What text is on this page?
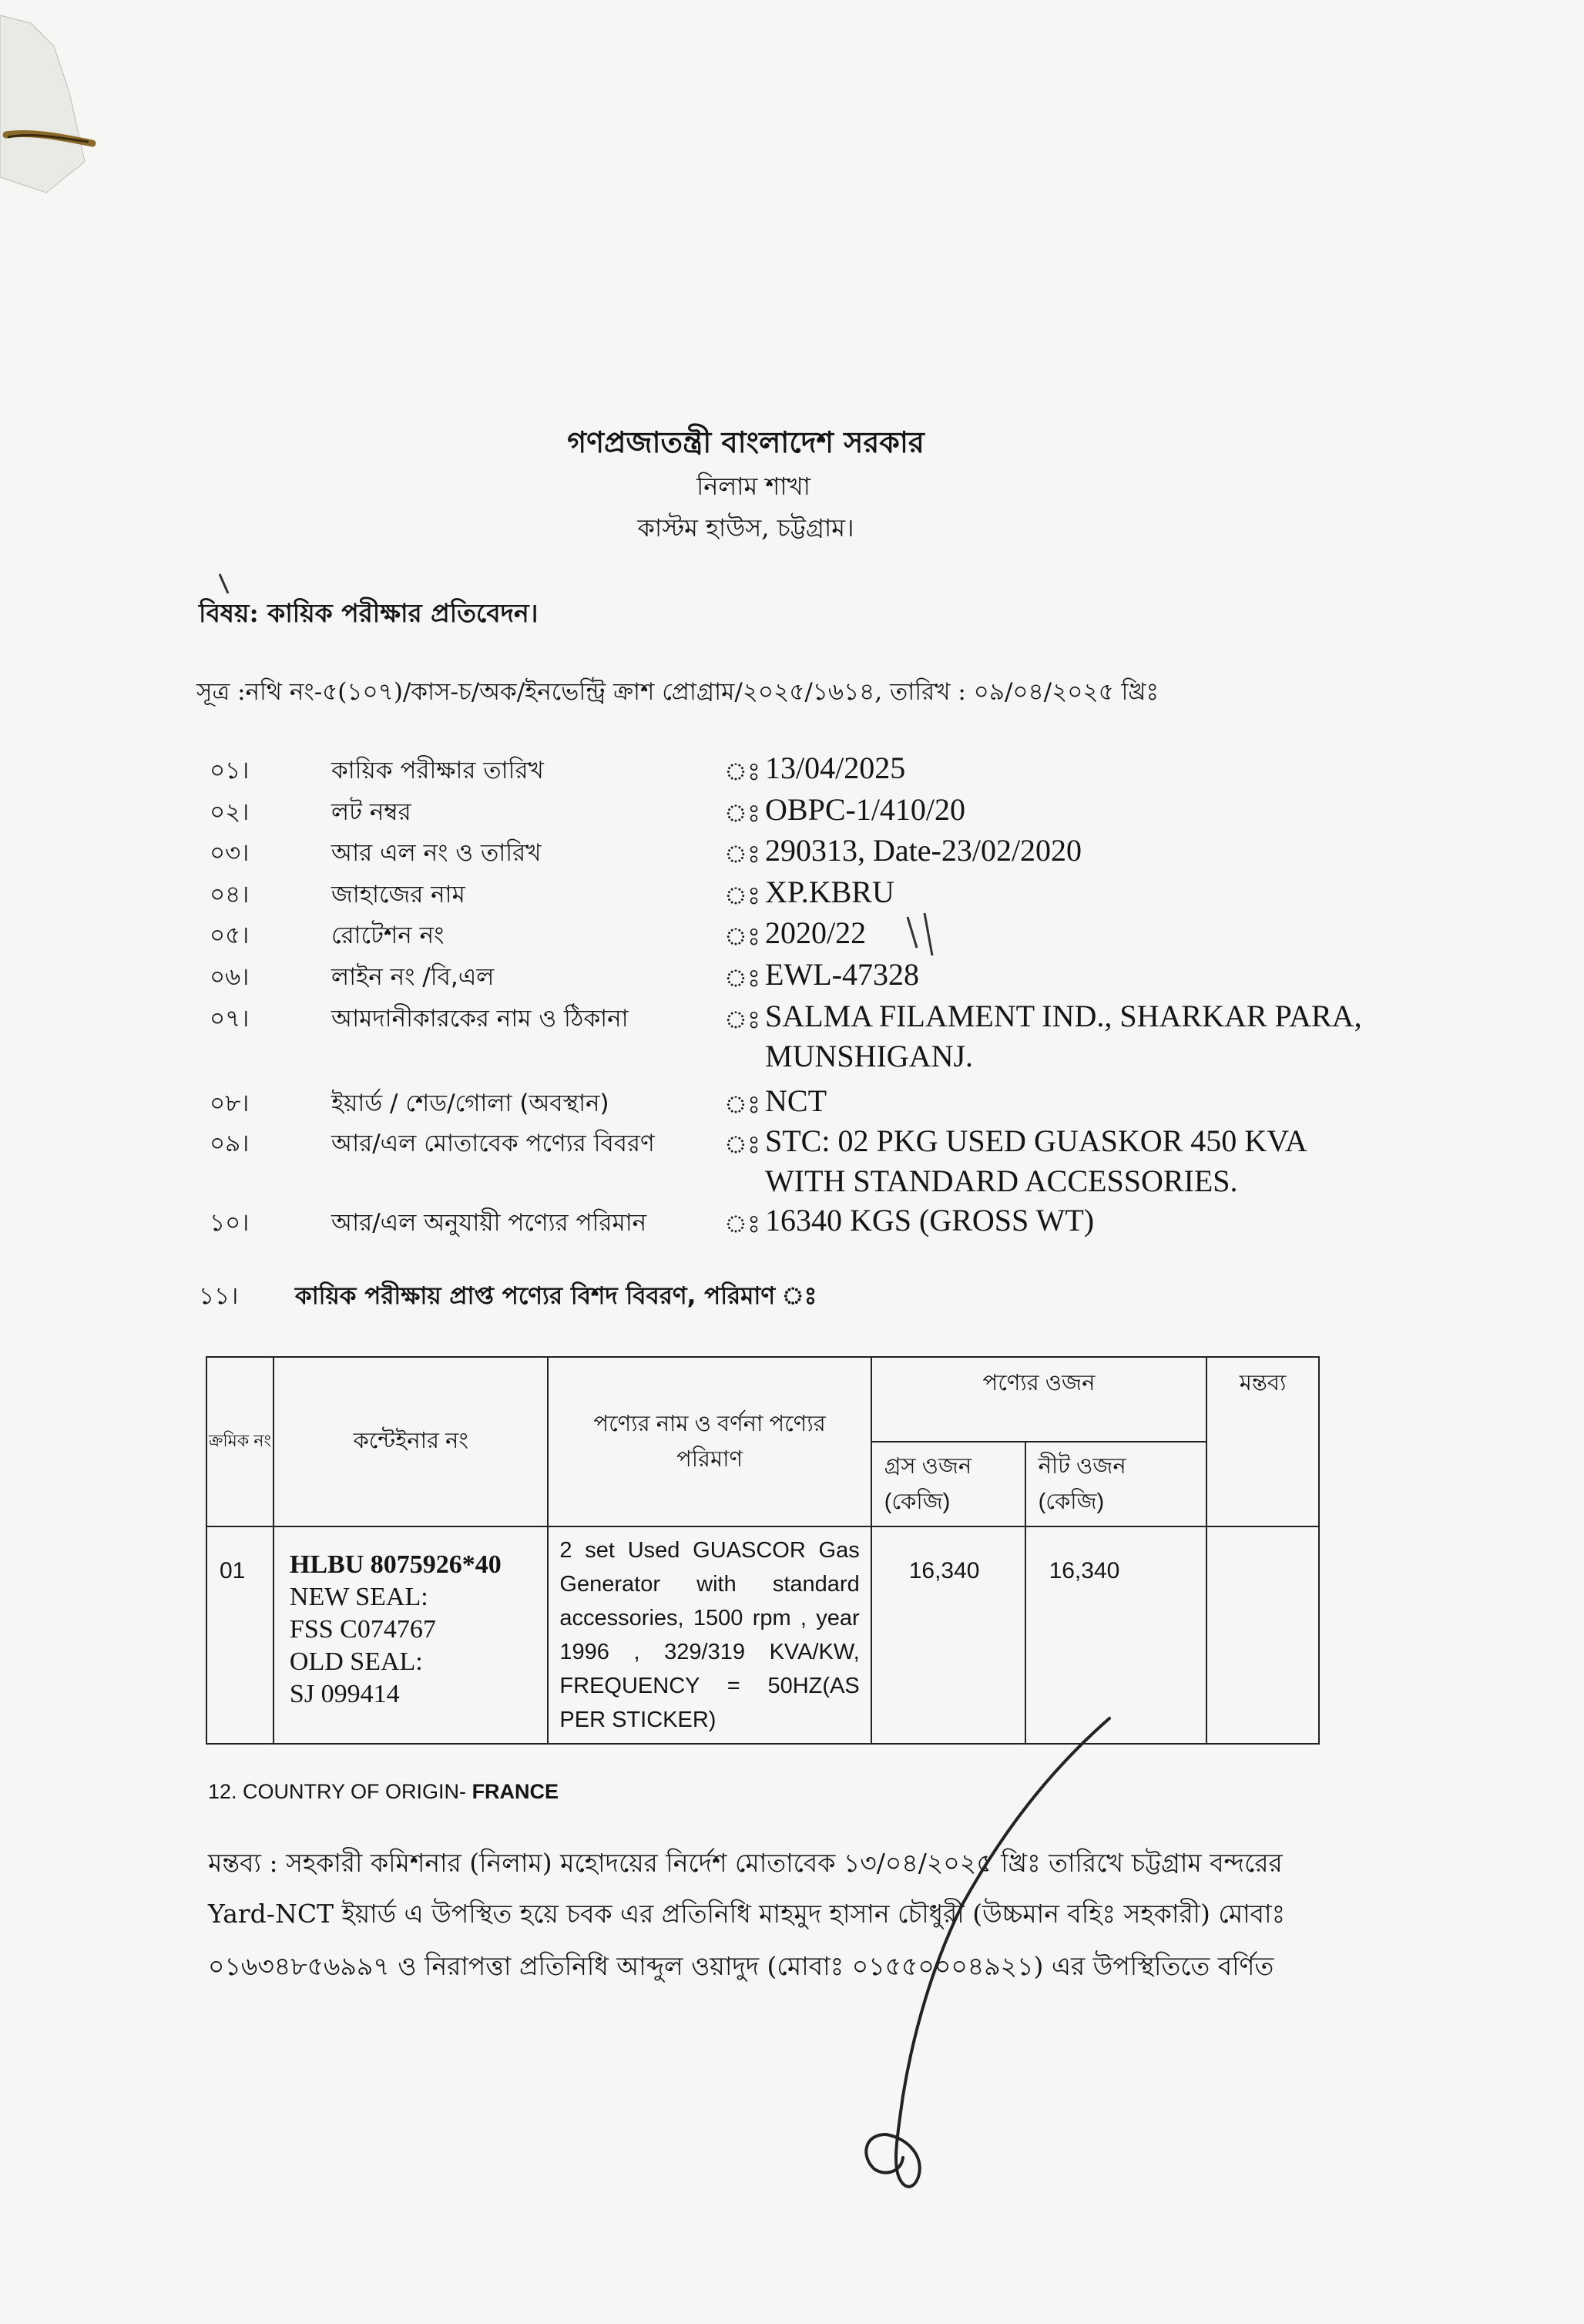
গণপ্রজাতন্ত্রী বাংলাদেশ সরকার
নিলাম শাখা
কাস্টম হাউস, চট্টগ্রাম।
বিষয়: কায়িক পরীক্ষার প্রতিবেদন।
সূত্র :নথি নং-৫(১০৭)/কাস-চ/অক/ইনভেন্ট্রি ক্রাশ প্রোগ্রাম/২০২৫/১৬১৪, তারিখ : ০৯/০৪/২০২৫ খ্রিঃ
০১।	কায়িক পরীক্ষার তারিখ	ঃ 13/04/2025
০২।	লট নম্বর	ঃ OBPC-1/410/20
০৩।	আর এল নং ও তারিখ	ঃ 290313, Date-23/02/2020
০৪।	জাহাজের নাম	ঃ XP.KBRU
০৫।	রোটেশন নং	ঃ 2020/22
০৬।	লাইন নং /বি,এল	ঃ EWL-47328
০৭।	আমদানীকারকের নাম ও ঠিকানা	ঃ SALMA FILAMENT IND., SHARKAR PARA, MUNSHIGANJ.
০৮।	ইয়ার্ড / শেড/গোলা (অবস্থান)	ঃ NCT
০৯।	আর/এল মোতাবেক পণ্যের বিবরণ	ঃ STC: 02 PKG USED GUASKOR 450 KVA WITH STANDARD ACCESSORIES.
১০।	আর/এল অনুযায়ী পণ্যের পরিমান	ঃ 16340 KGS (GROSS WT)
১১। কায়িক পরীক্ষায় প্রাপ্ত পণ্যের বিশদ বিবরণ, পরিমাণ ঃ
ক্রমিক নং	কন্টেইনার নং	পণ্যের নাম ও বর্ণনা পণ্যের পরিমাণ	পণ্যের ওজন		মন্তব্য
			গ্রস ওজন (কেজি)	নীট ওজন (কেজি)	
01	HLBU 8075926*40
NEW SEAL:
FSS C074767
OLD SEAL:
SJ 099414	2 set Used GUASCOR Gas Generator with standard accessories, 1500 rpm , year 1996 , 329/319 KVA/KW, FREQUENCY = 50HZ(AS PER STICKER)	16,340	16,340	
12. COUNTRY OF ORIGIN- FRANCE
মন্তব্য : সহকারী কমিশনার (নিলাম) মহোদয়ের নির্দেশ মোতাবেক ১৩/০৪/২০২৫ খ্রিঃ তারিখে চট্টগ্রাম বন্দরের
Yard-NCT ইয়ার্ড এ উপস্থিত হয়ে চবক এর প্রতিনিধি মাহমুদ হাসান চৌধুরী (উচ্চমান বহিঃ সহকারী) মোবাঃ
০১৬৩৪৮৫৬৯৯৭ ও নিরাপত্তা প্রতিনিধি আব্দুল ওয়াদুদ (মোবাঃ ০১৫৫০০০৪৯২১) এর উপস্থিতিতে বর্ণিত
